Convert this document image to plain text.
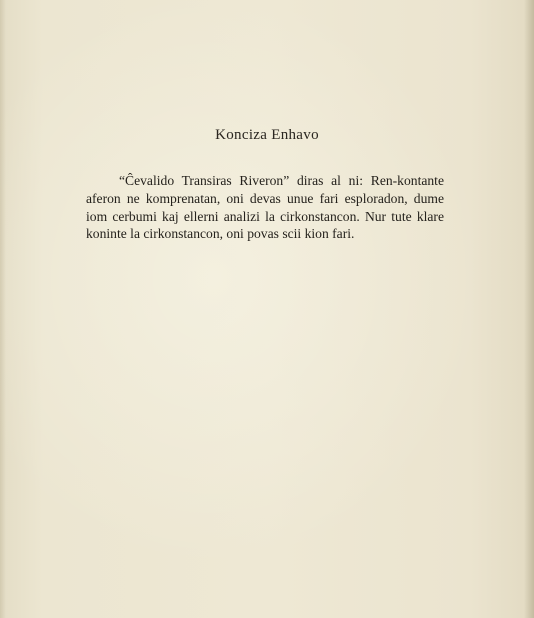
Konciza Enhavo

“Ĉevalido Transiras Riveron” diras al ni: Ren-kontante aferon ne komprenatan, oni devas unue fari esploradon, dume iom cerbumi kaj ellerni analizi la cirkonstancon. Nur tute klare koninte la cirkonstancon, oni povas scii kion fari.
